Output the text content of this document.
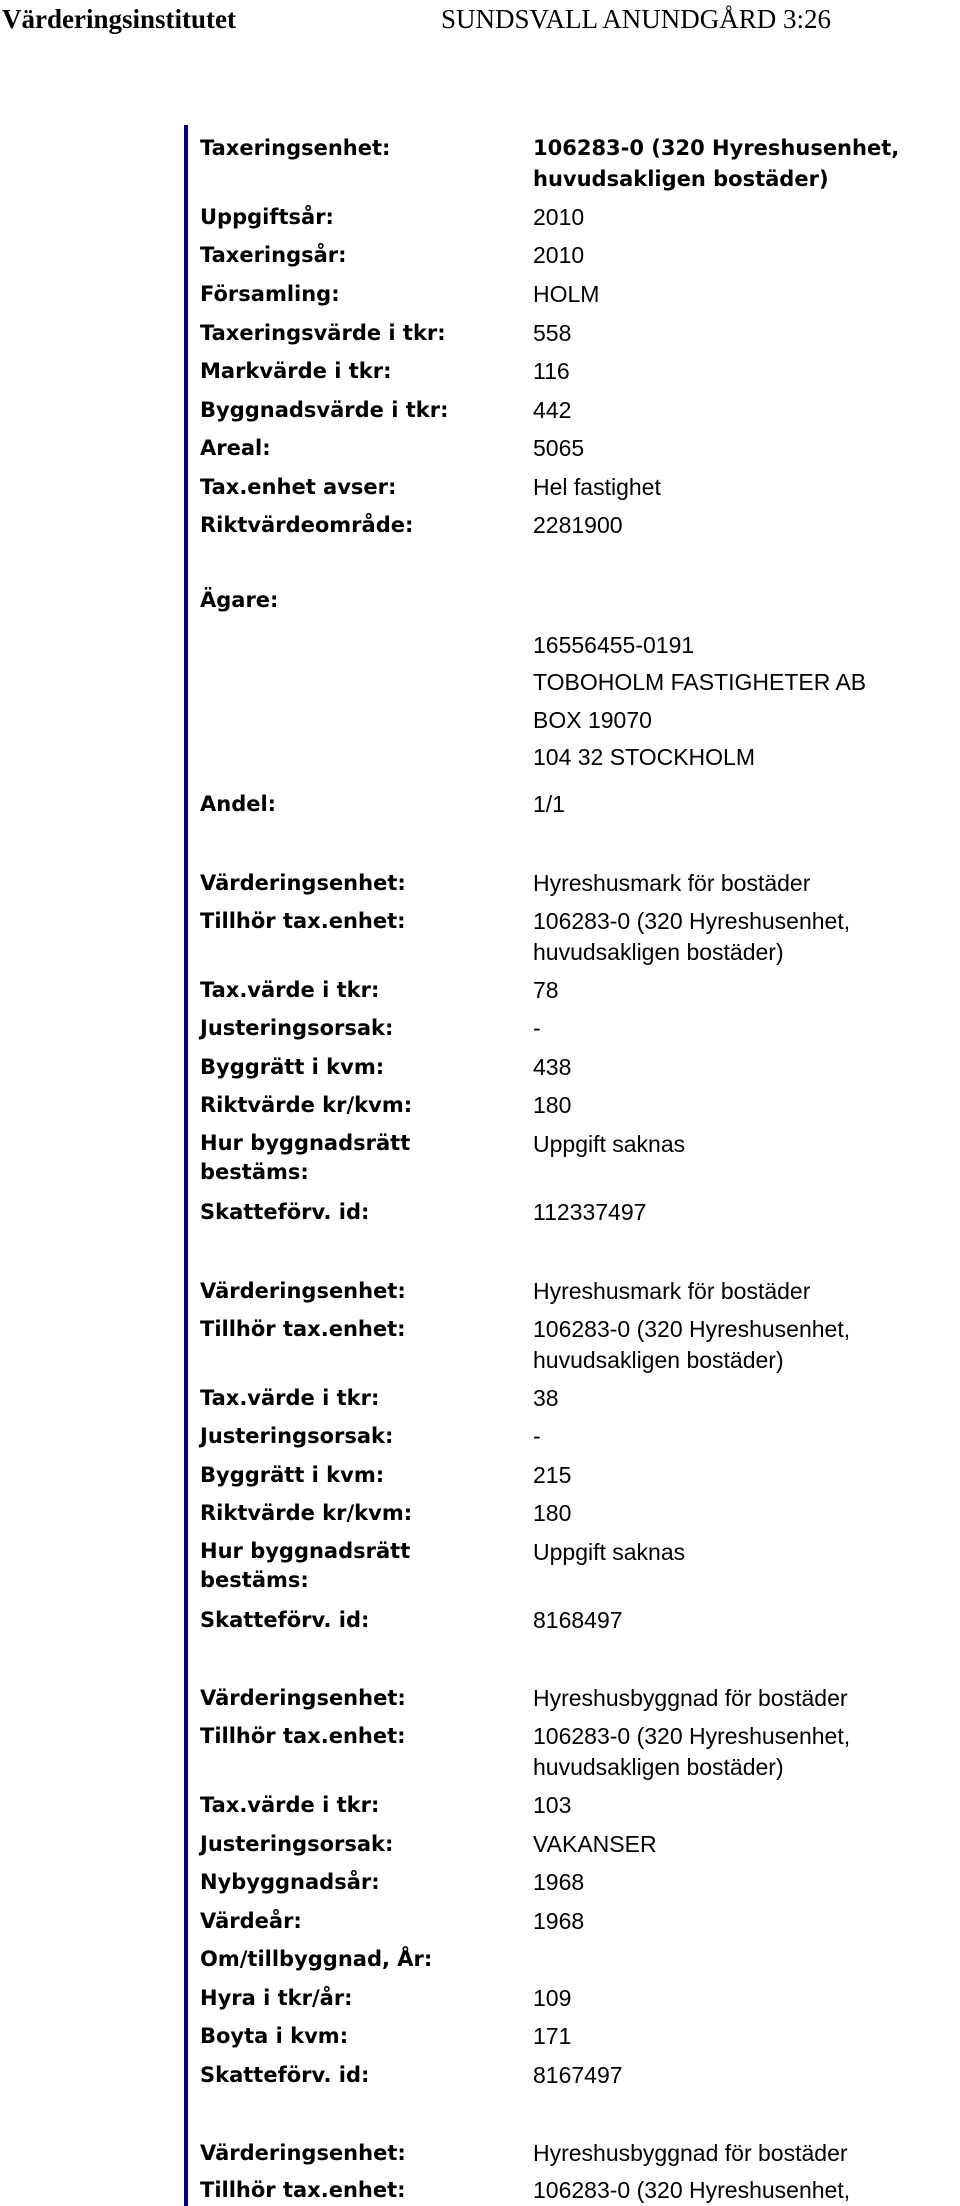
Värderingsinstitutet	SUNDSVALL ANUNDGÅRD 3:26
Taxeringsenhet:	106283-0 (320 Hyreshusenhet,
huvudsakligen bostäder)
Uppgiftsår:	2010
Taxeringsår:	2010
Församling:	HOLM
Taxeringsvärde i tkr:	558
Markvärde i tkr:	116
Byggnadsvärde i tkr:	442
Areal:	5065
Tax.enhet avser:	Hel fastighet
Riktvärdeområde:	2281900
Ägare:
16556455-0191
TOBOHOLM FASTIGHETER AB
BOX 19070
104 32 STOCKHOLM
Andel:	1/1
Värderingsenhet:	Hyreshusmark för bostäder
Tillhör tax.enhet:	106283-0 (320 Hyreshusenhet,
huvudsakligen bostäder)
Tax.värde i tkr:	78
Justeringsorsak:	-
Byggrätt i kvm:	438
Riktvärde kr/kvm:	180
Hur byggnadsrätt bestäms:
Uppgift saknas
Skatteförv. id:	112337497
Värderingsenhet:	Hyreshusmark för bostäder
Tillhör tax.enhet:	106283-0 (320 Hyreshusenhet,
huvudsakligen bostäder)
Tax.värde i tkr:	38
Justeringsorsak:	-
Byggrätt i kvm:	215
Riktvärde kr/kvm:	180
Hur byggnadsrätt bestäms:
Uppgift saknas
Skatteförv. id:	8168497
Värderingsenhet:	Hyreshusbyggnad för bostäder
Tillhör tax.enhet:	106283-0 (320 Hyreshusenhet,
huvudsakligen bostäder)
Tax.värde i tkr:	103
Justeringsorsak:	VAKANSER
Nybyggnadsår:	1968
Värdeår:	1968
Om/tillbyggnad, År:
Hyra i tkr/år:	109
Boyta i kvm:	171
Skatteförv. id:	8167497
Värderingsenhet:	Hyreshusbyggnad för bostäder
Tillhör tax.enhet:	106283-0 (320 Hyreshusenhet,
